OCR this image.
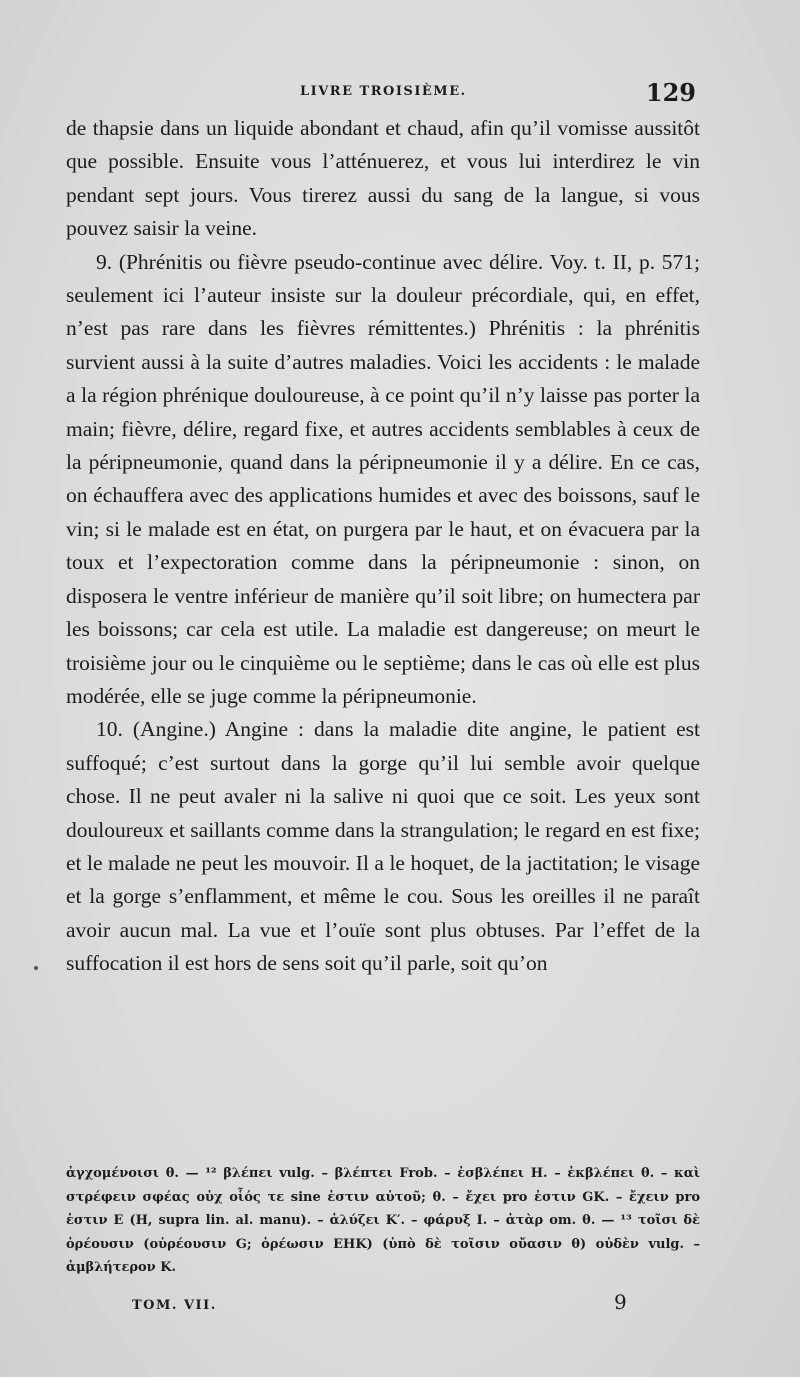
LIVRE TROISIÈME.	129

de thapsie dans un liquide abondant et chaud, afin qu’il vomisse aussitôt que possible. Ensuite vous l’atténuerez, et vous lui interdirez le vin pendant sept jours. Vous tirerez aussi du sang de la langue, si vous pouvez saisir la veine.

9. (Phrénitis ou fièvre pseudo-continue avec délire. Voy. t. II, p. 571; seulement ici l’auteur insiste sur la douleur précordiale, qui, en effet, n’est pas rare dans les fièvres rémittentes.) Phrénitis : la phrénitis survient aussi à la suite d’autres maladies. Voici les accidents : le malade a la région phrénique douloureuse, à ce point qu’il n’y laisse pas porter la main; fièvre, délire, regard fixe, et autres accidents semblables à ceux de la péripneumonie, quand dans la péripneumonie il y a délire. En ce cas, on échauffera avec des applications humides et avec des boissons, sauf le vin; si le malade est en état, on purgera par le haut, et on évacuera par la toux et l’expectoration comme dans la péripneumonie : sinon, on disposera le ventre inférieur de manière qu’il soit libre; on humectera par les boissons; car cela est utile. La maladie est dangereuse; on meurt le troisième jour ou le cinquième ou le septième; dans le cas où elle est plus modérée, elle se juge comme la péripneumonie.

10. (Angine.) Angine : dans la maladie dite angine, le patient est suffoqué; c’est surtout dans la gorge qu’il lui semble avoir quelque chose. Il ne peut avaler ni la salive ni quoi que ce soit. Les yeux sont douloureux et saillants comme dans la strangulation; le regard en est fixe; et le malade ne peut les mouvoir. Il a le hoquet, de la jactitation; le visage et la gorge s’enflamment, et même le cou. Sous les oreilles il ne paraît avoir aucun mal. La vue et l’ouïe sont plus obtuses. Par l’effet de la suffocation il est hors de sens soit qu’il parle, soit qu’on

ἀγχομένοισι θ. — ¹² βλέπει vulg. – βλέπτει Frob. – ἐσβλέπει H. – ἐκβλέπει θ. – καὶ στρέφειν σφέας οὐχ οἷός τε sine ἐστιν αὐτοῦ; θ. – ἔχει pro ἐστιν GK. – ἔχειν pro ἐστιν E (H, supra lin. al. manu). – ἀλύζει K′. – φάρυξ I. – ἀτὰρ om. θ. — ¹³ τοῖσι δὲ ὀρέουσιν (οὐρέουσιν G; ὁρέωσιν EHK) (ὑπὸ δὲ τοῖσιν οὔασιν θ) οὐδὲν vulg. – ἀμβλήτερον K.
TOM. VII.	9
